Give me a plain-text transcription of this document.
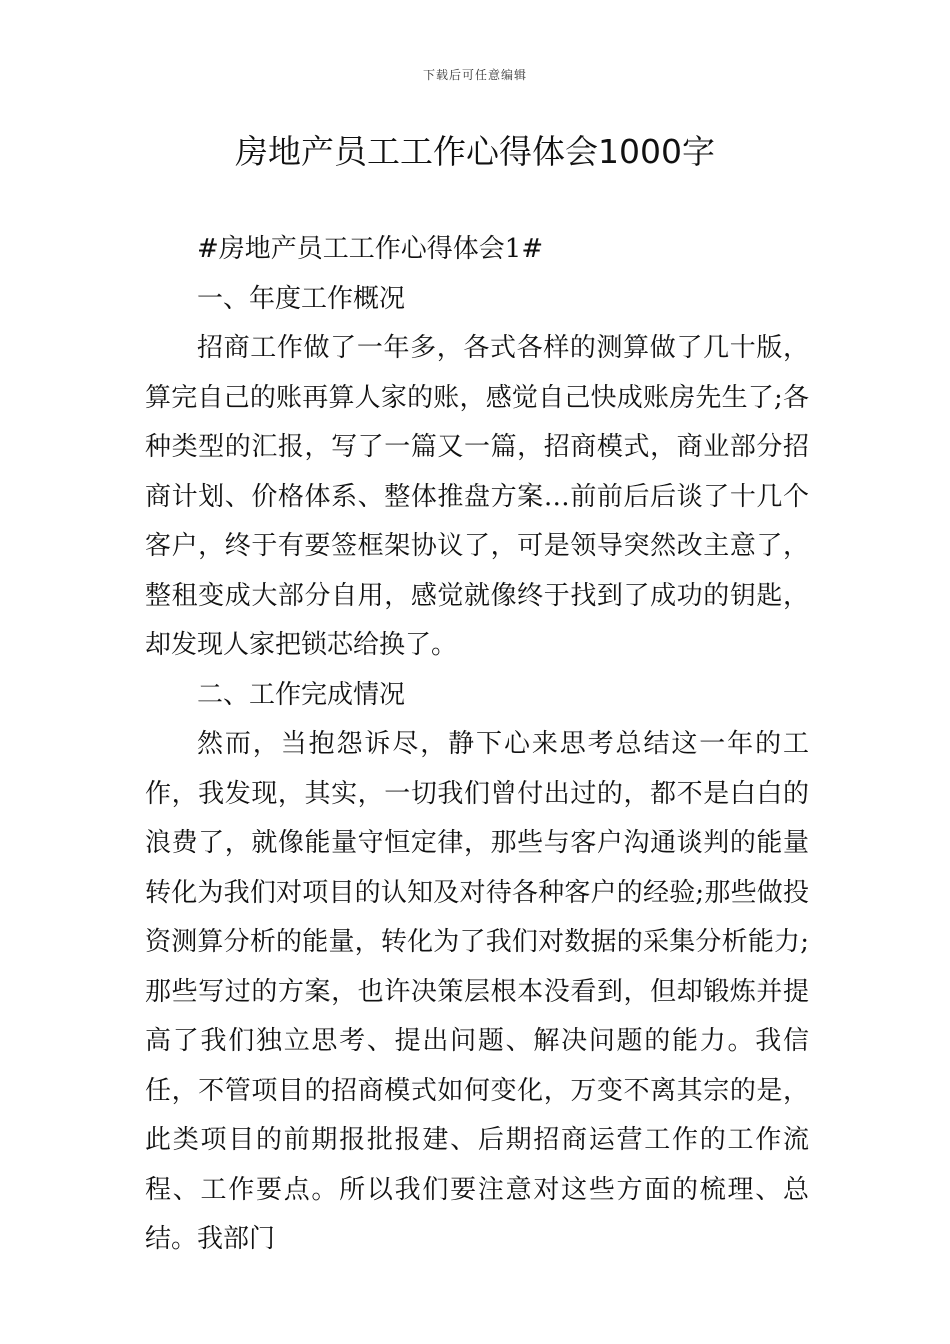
下载后可任意编辑
房地产员工工作心得体会1000字

#房地产员工工作心得体会1#

一、年度工作概况

招商工作做了一年多，各式各样的测算做了几十版，算完自己的账再算人家的账，感觉自己快成账房先生了;各种类型的汇报，写了一篇又一篇，招商模式，商业部分招商计划、价格体系、整体推盘方案…前前后后谈了十几个客户，终于有要签框架协议了，可是领导突然改主意了，整租变成大部分自用，感觉就像终于找到了成功的钥匙，却发现人家把锁芯给换了。

二、工作完成情况

然而，当抱怨诉尽，静下心来思考总结这一年的工作，我发现，其实，一切我们曾付出过的，都不是白白的浪费了，就像能量守恒定律，那些与客户沟通谈判的能量转化为我们对项目的认知及对待各种客户的经验;那些做投资测算分析的能量，转化为了我们对数据的采集分析能力;那些写过的方案，也许决策层根本没看到，但却锻炼并提高了我们独立思考、提出问题、解决问题的能力。我信任，不管项目的招商模式如何变化，万变不离其宗的是，此类项目的前期报批报建、后期招商运营工作的工作流程、工作要点。所以我们要注意对这些方面的梳理、总结。我部门
